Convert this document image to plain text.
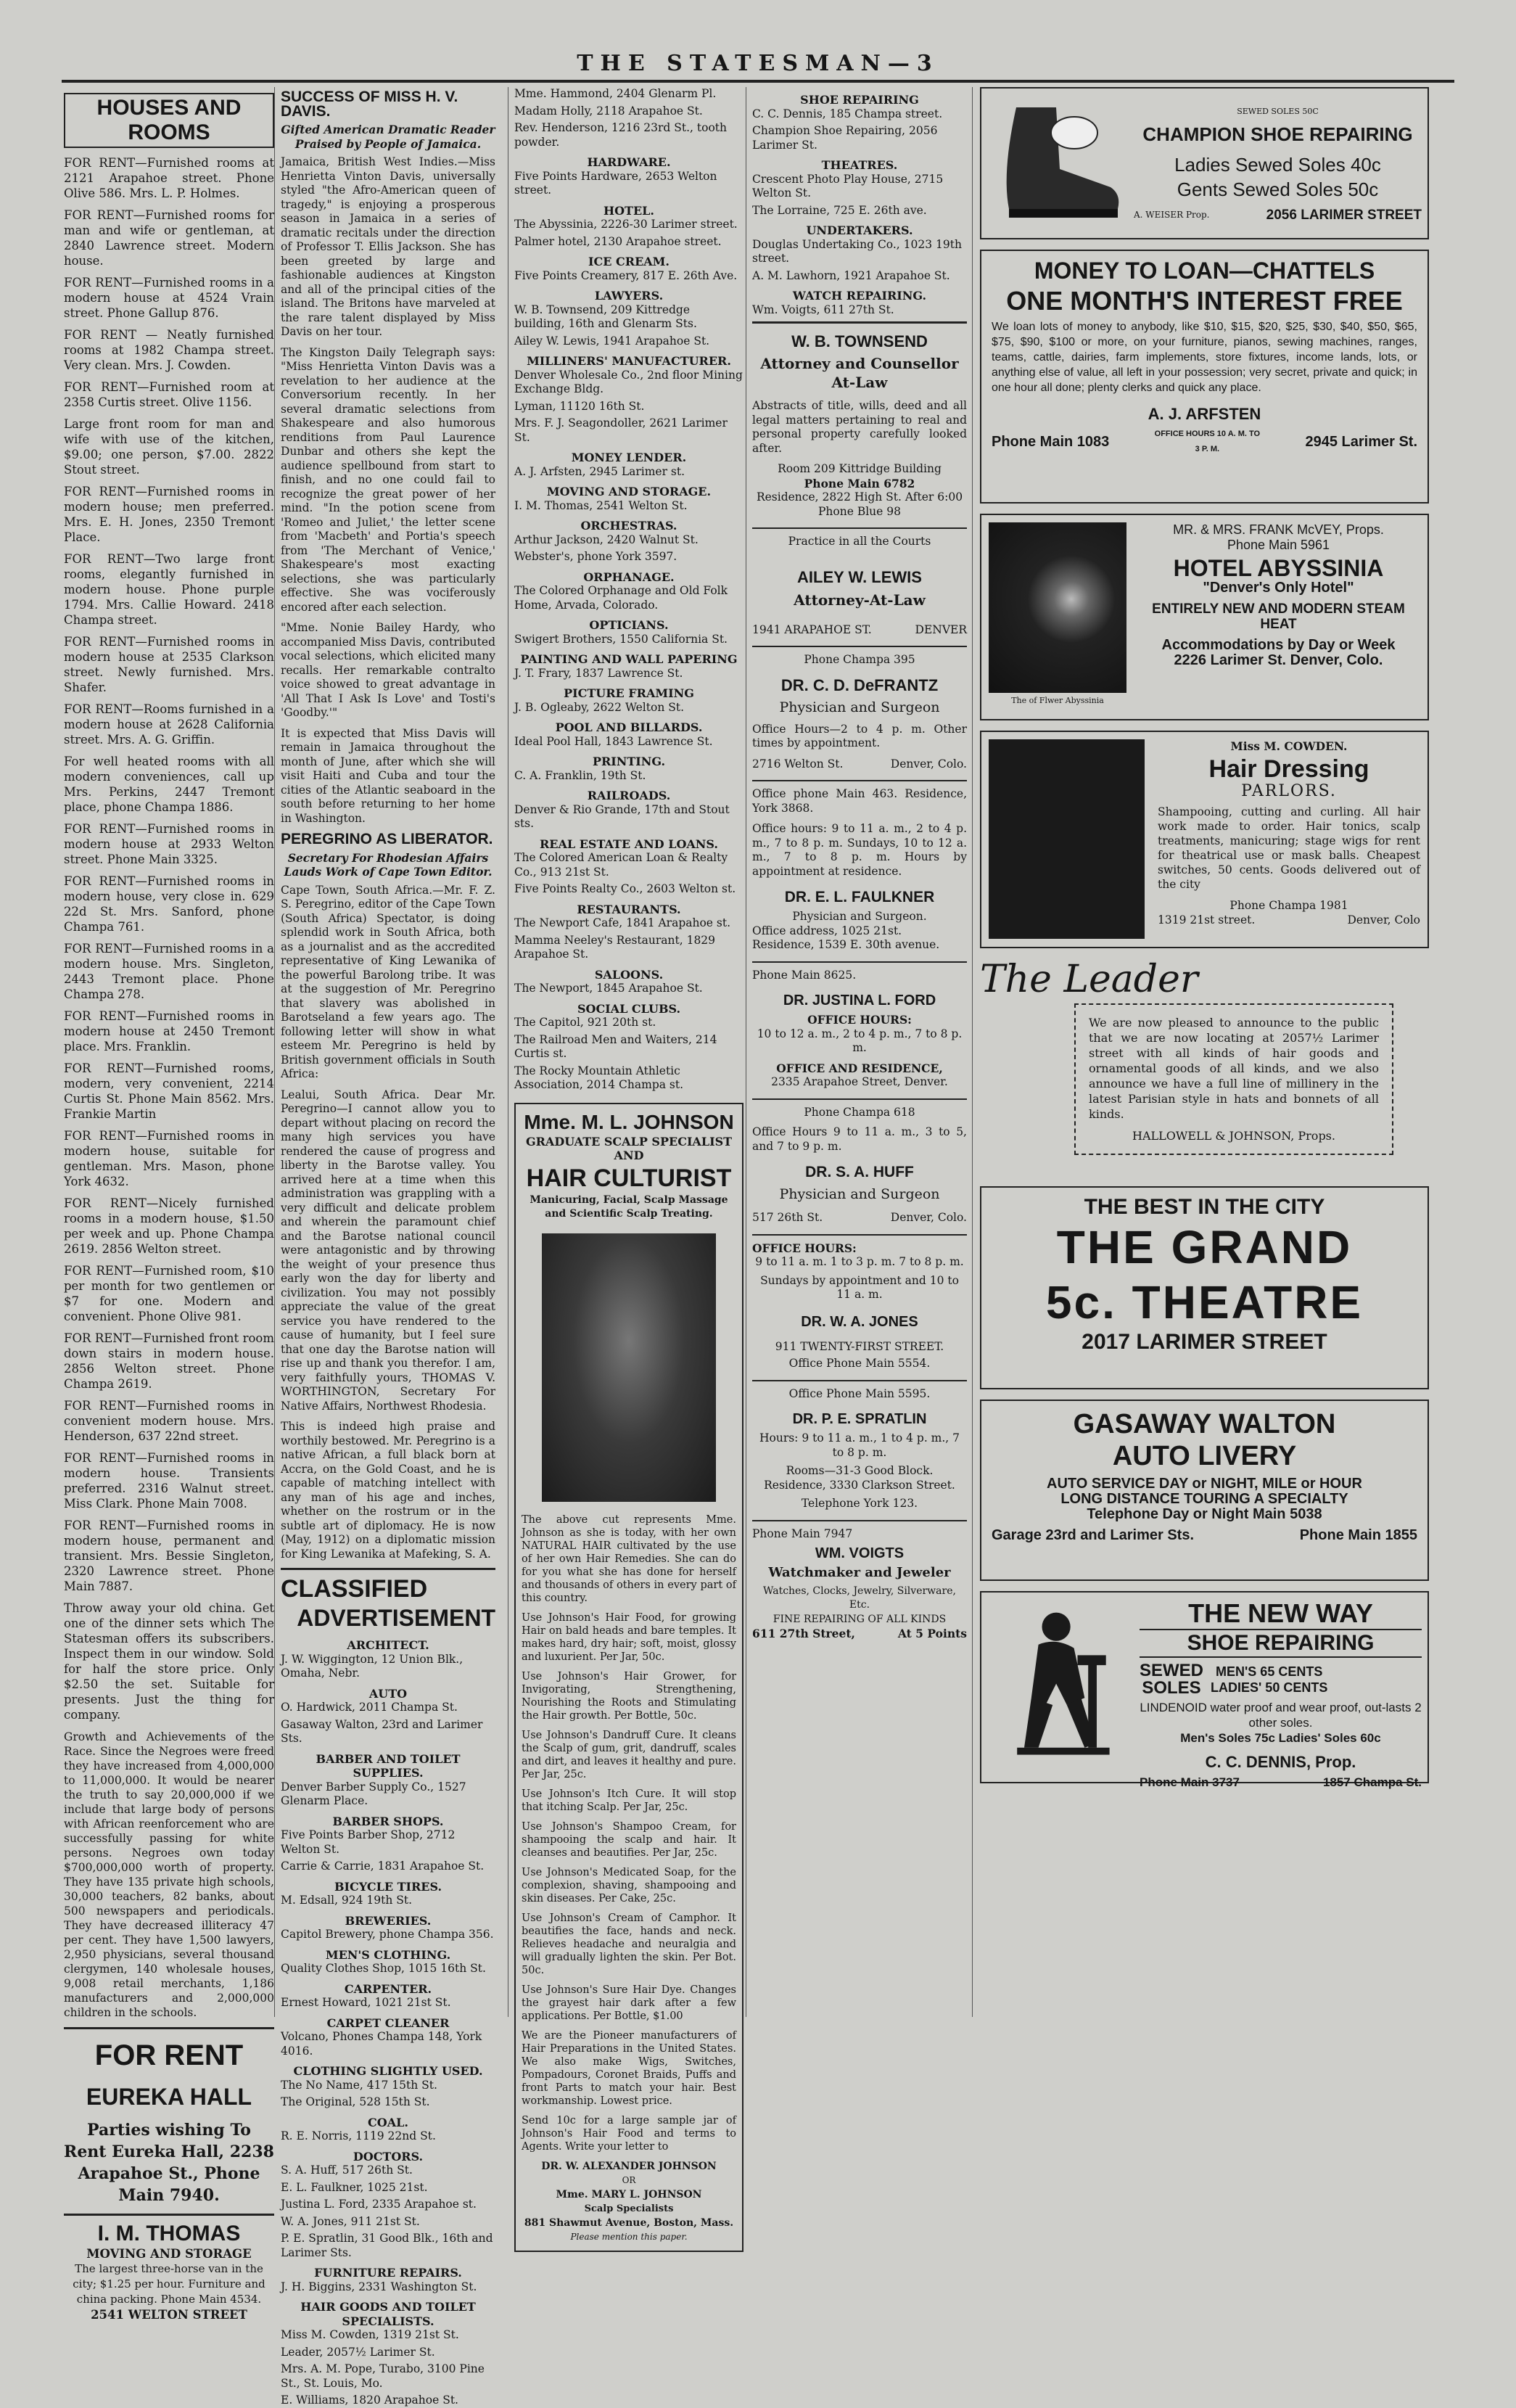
THE STATESMAN—3
HOUSES AND ROOMS

FOR RENT—Furnished rooms at 2121 Arapahoe street. Phone Olive 586. Mrs. L. P. Holmes.

FOR RENT—Furnished rooms for man and wife or gentleman, at 2840 Lawrence street. Modern house.

FOR RENT—Furnished rooms in a modern house at 4524 Vrain street. Phone Gallup 876.

FOR RENT — Neatly furnished rooms at 1982 Champa street. Very clean. Mrs. J. Cowden.

FOR RENT—Furnished room at 2358 Curtis street. Olive 1156.

Large front room for man and wife with use of the kitchen, $9.00; one person, $7.00. 2822 Stout street.

FOR RENT—Furnished rooms in modern house; men preferred. Mrs. E. H. Jones, 2350 Tremont Place.

FOR RENT—Two large front rooms, elegantly furnished in modern house. Phone purple 1794. Mrs. Callie Howard. 2418 Champa street.

FOR RENT—Furnished rooms in modern house at 2535 Clarkson street. Newly furnished. Mrs. Shafer.

FOR RENT—Rooms furnished in a modern house at 2628 California street. Mrs. A. G. Griffin.

For well heated rooms with all modern conveniences, call up Mrs. Perkins, 2447 Tremont place, phone Champa 1886.

FOR RENT—Furnished rooms in modern house at 2933 Welton street. Phone Main 3325.

FOR RENT—Furnished rooms in modern house, very close in. 629 22d St. Mrs. Sanford, phone Champa 761.

FOR RENT—Furnished rooms in a modern house. Mrs. Singleton, 2443 Tremont place. Phone Champa 278.

FOR RENT—Furnished rooms in modern house at 2450 Tremont place. Mrs. Franklin.

FOR RENT—Furnished rooms, modern, very convenient, 2214 Curtis St. Phone Main 8562. Mrs. Frankie Martin

FOR RENT—Furnished rooms in modern house, suitable for gentleman. Mrs. Mason, phone York 4632.

FOR RENT—Nicely furnished rooms in a modern house, $1.50 per week and up. Phone Champa 2619. 2856 Welton street.

FOR RENT—Furnished room, $10 per month for two gentlemen or $7 for one. Modern and convenient. Phone Olive 981.

FOR RENT—Furnished front room down stairs in modern house. 2856 Welton street. Phone Champa 2619.

FOR RENT—Furnished rooms in convenient modern house. Mrs. Henderson, 637 22nd street.

FOR RENT—Furnished rooms in modern house. Transients preferred. 2316 Walnut street. Miss Clark. Phone Main 7008.

FOR RENT—Furnished rooms in modern house, permanent and transient. Mrs. Bessie Singleton, 2320 Lawrence street. Phone Main 7887.

Throw away your old china. Get one of the dinner sets which The Statesman offers its subscribers. Inspect them in our window. Sold for half the store price. Only $2.50 the set. Suitable for presents. Just the thing for company.

Growth and Achievements of the Race. Since the Negroes were freed they have increased from 4,000,000 to 11,000,000. It would be nearer the truth to say 20,000,000 if we include that large body of persons with African reenforcement who are successfully passing for white persons. Negroes own today $700,000,000 worth of property. They have 135 private high schools, 30,000 teachers, 82 banks, about 500 newspapers and periodicals. They have decreased illiteracy 47 per cent. They have 1,500 lawyers, 2,950 physicians, several thousand clergymen, 140 wholesale houses, 9,008 retail merchants, 1,186 manufacturers and 2,000,000 children in the schools.

FOR RENT
EUREKA HALL
Parties wishing To Rent Eureka Hall, 2238 Arapahoe St., Phone Main 7940.
I. M. THOMAS
MOVING AND STORAGE
The largest three-horse van in the city; $1.25 per hour. Furniture and china packing. Phone Main 4534.
2541 WELTON STREET
SUCCESS OF MISS H. V. DAVIS.
Gifted American Dramatic Reader Praised by People of Jamaica.

Jamaica, British West Indies.—Miss Henrietta Vinton Davis, universally styled "the Afro-American queen of tragedy," is enjoying a prosperous season in Jamaica in a series of dramatic recitals under the direction of Professor T. Ellis Jackson. She has been greeted by large and fashionable audiences at Kingston and all of the principal cities of the island. The Britons have marveled at the rare talent displayed by Miss Davis on her tour.

The Kingston Daily Telegraph says: "Miss Henrietta Vinton Davis was a revelation to her audience at the Conversorium recently. In her several dramatic selections from Shakespeare and also humorous renditions from Paul Laurence Dunbar and others she kept the audience spellbound from start to finish, and no one could fail to recognize the great power of her mind. "In the potion scene from 'Romeo and Juliet,' the letter scene from 'Macbeth' and Portia's speech from 'The Merchant of Venice,' Shakespeare's most exacting selections, she was particularly effective. She was vociferously encored after each selection.

"Mme. Nonie Bailey Hardy, who accompanied Miss Davis, contributed vocal selections, which elicited many recalls. Her remarkable contralto voice showed to great advantage in 'All That I Ask Is Love' and Tosti's 'Goodby.'"

It is expected that Miss Davis will remain in Jamaica throughout the month of June, after which she will visit Haiti and Cuba and tour the cities of the Atlantic seaboard in the south before returning to her home in Washington.

PEREGRINO AS LIBERATOR.
Secretary For Rhodesian Affairs Lauds Work of Cape Town Editor.

Cape Town, South Africa.—Mr. F. Z. S. Peregrino, editor of the Cape Town (South Africa) Spectator, is doing splendid work in South Africa, both as a journalist and as the accredited representative of King Lewanika of the powerful Barolong tribe. It was at the suggestion of Mr. Peregrino that slavery was abolished in Barotseland a few years ago. The following letter will show in what esteem Mr. Peregrino is held by British government officials in South Africa:

Lealui, South Africa. Dear Mr. Peregrino—I cannot allow you to depart without placing on record the many high services you have rendered the cause of progress and liberty in the Barotse valley. You arrived here at a time when this administration was grappling with a very difficult and delicate problem and wherein the paramount chief and the Barotse national council were antagonistic and by throwing the weight of your presence thus early won the day for liberty and civilization. You may not possibly appreciate the value of the great service you have rendered to the cause of humanity, but I feel sure that one day the Barotse nation will rise up and thank you therefor. I am, very faithfully yours, THOMAS V. WORTHINGTON, Secretary For Native Affairs, Northwest Rhodesia.

This is indeed high praise and worthily bestowed. Mr. Peregrino is a native African, a full black born at Accra, on the Gold Coast, and he is capable of matching intellect with any man of his age and inches, whether on the rostrum or in the subtle art of diplomacy. He is now (May, 1912) on a diplomatic mission for King Lewanika at Mafeking, S. A.

CLASSIFIED
ADVERTISEMENT
ARCHITECT.
J. W. Wiggington, 12 Union Blk., Omaha, Nebr.
AUTO
O. Hardwick, 2011 Champa St.
Gasaway Walton, 23rd and Larimer Sts.
BARBER AND TOILET SUPPLIES.
Denver Barber Supply Co., 1527 Glenarm Place.
BARBER SHOPS.
Five Points Barber Shop, 2712 Welton St.
Carrie & Carrie, 1831 Arapahoe St.
BICYCLE TIRES.
M. Edsall, 924 19th St.
BREWERIES.
Capitol Brewery, phone Champa 356.
MEN'S CLOTHING.
Quality Clothes Shop, 1015 16th St.
CARPENTER.
Ernest Howard, 1021 21st St.
CARPET CLEANER
Volcano, Phones Champa 148, York 4016.
CLOTHING SLIGHTLY USED.
The No Name, 417 15th St.
The Original, 528 15th St.
COAL.
R. E. Norris, 1119 22nd St.
DOCTORS.
S. A. Huff, 517 26th St.
E. L. Faulkner, 1025 21st.
Justina L. Ford, 2335 Arapahoe st.
W. A. Jones, 911 21st St.
P. E. Spratlin, 31 Good Blk., 16th and Larimer Sts.
FURNITURE REPAIRS.
J. H. Biggins, 2331 Washington St.
HAIR GOODS AND TOILET SPECIALISTS.
Miss M. Cowden, 1319 21st St.
Leader, 2057½ Larimer St.
Mrs. A. M. Pope, Turabo, 3100 Pine St., St. Louis, Mo.
E. Williams, 1820 Arapahoe St.
Mme. Hammond, 2404 Glenarm Pl.
Madam Holly, 2118 Arapahoe St.
Rev. Henderson, 1216 23rd St., tooth powder.
HARDWARE.
Five Points Hardware, 2653 Welton street.
HOTEL.
The Abyssinia, 2226-30 Larimer street.
Palmer hotel, 2130 Arapahoe street.
ICE CREAM.
Five Points Creamery, 817 E. 26th Ave.
LAWYERS.
W. B. Townsend, 209 Kittredge building, 16th and Glenarm Sts.
Ailey W. Lewis, 1941 Arapahoe St.
MILLINERS' MANUFACTURER.
Denver Wholesale Co., 2nd floor Mining Exchange Bldg.
Lyman, 11120 16th St.
Mrs. F. J. Seagondoller, 2621 Larimer St.
MONEY LENDER.
A. J. Arfsten, 2945 Larimer st.
MOVING AND STORAGE.
I. M. Thomas, 2541 Welton St.
ORCHESTRAS.
Arthur Jackson, 2420 Walnut St.
Webster's, phone York 3597.
ORPHANAGE.
The Colored Orphanage and Old Folk Home, Arvada, Colorado.
OPTICIANS.
Swigert Brothers, 1550 California St.
PAINTING AND WALL PAPERING
J. T. Frary, 1837 Lawrence St.
PICTURE FRAMING
J. B. Ogleaby, 2622 Welton St.
POOL AND BILLARDS.
Ideal Pool Hall, 1843 Lawrence St.
PRINTING.
C. A. Franklin, 19th St.
RAILROADS.
Denver & Rio Grande, 17th and Stout sts.
REAL ESTATE AND LOANS.
The Colored American Loan & Realty Co., 913 21st St.
Five Points Realty Co., 2603 Welton st.
RESTAURANTS.
The Newport Cafe, 1841 Arapahoe st.
Mamma Neeley's Restaurant, 1829 Arapahoe St.
SALOONS.
The Newport, 1845 Arapahoe St.
SOCIAL CLUBS.
The Capitol, 921 20th st.
The Railroad Men and Waiters, 214 Curtis st.
The Rocky Mountain Athletic Association, 2014 Champa st.
Mme. M. L. JOHNSON
GRADUATE SCALP SPECIALIST AND
HAIR CULTURIST
Manicuring, Facial, Scalp Massage and Scientific Scalp Treating.

The above cut represents Mme. Johnson as she is today, with her own NATURAL HAIR cultivated by the use of her own Hair Remedies. She can do for you what she has done for herself and thousands of others in every part of this country.

Use Johnson's Hair Food, for growing Hair on bald heads and bare temples. It makes hard, dry hair; soft, moist, glossy and luxurient. Per Jar, 50c.

Use Johnson's Hair Grower, for Invigorating, Strengthening, Nourishing the Roots and Stimulating the Hair growth. Per Bottle, 50c.

Use Johnson's Dandruff Cure. It cleans the Scalp of gum, grit, dandruff, scales and dirt, and leaves it healthy and pure. Per Jar, 25c.

Use Johnson's Itch Cure. It will stop that itching Scalp. Per Jar, 25c.

Use Johnson's Shampoo Cream, for shampooing the scalp and hair. It cleanses and beautifies. Per Jar, 25c.

Use Johnson's Medicated Soap, for the complexion, shaving, shampooing and skin diseases. Per Cake, 25c.

Use Johnson's Cream of Camphor. It beautifies the face, hands and neck. Relieves headache and neuralgia and will gradually lighten the skin. Per Bot. 50c.

Use Johnson's Sure Hair Dye. Changes the grayest hair dark after a few applications. Per Bottle, $1.00

We are the Pioneer manufacturers of Hair Preparations in the United States. We also make Wigs, Switches, Pompadours, Coronet Braids, Puffs and front Parts to match your hair. Best workmanship. Lowest price.

Send 10c for a large sample jar of Johnson's Hair Food and terms to Agents. Write your letter to

DR. W. ALEXANDER JOHNSON
OR
Mme. MARY L. JOHNSON
Scalp Specialists
881 Shawmut Avenue, Boston, Mass.
Please mention this paper.
SHOE REPAIRING
C. C. Dennis, 185 Champa street.
Champion Shoe Repairing, 2056 Larimer St.
THEATRES.
Crescent Photo Play House, 2715 Welton St.
The Lorraine, 725 E. 26th ave.
UNDERTAKERS.
Douglas Undertaking Co., 1023 19th street.
A. M. Lawhorn, 1921 Arapahoe St.
WATCH REPAIRING.
Wm. Voigts, 611 27th St.
W. B. TOWNSEND
Attorney and Counsellor At-Law

Abstracts of title, wills, deed and all legal matters pertaining to real and personal property carefully looked after.

Room 209 Kittridge Building
Phone Main 6782
Residence, 2822 High St. After 6:00 Phone Blue 98
Practice in all the Courts
AILEY W. LEWIS
Attorney-At-Law
1941 ARAPAHOE ST.	DENVER
Phone Champa 395
DR. C. D. DeFRANTZ
Physician and Surgeon

Office Hours—2 to 4 p. m. Other times by appointment.

2716 Welton St.	Denver, Colo.

Office phone Main 463. Residence, York 3868.

Office hours: 9 to 11 a. m., 2 to 4 p. m., 7 to 8 p. m. Sundays, 10 to 12 a. m., 7 to 8 p. m. Hours by appointment at residence.

DR. E. L. FAULKNER
Physician and Surgeon.
Office address, 1025 21st.
Residence, 1539 E. 30th avenue.
Phone Main 8625.
DR. JUSTINA L. FORD
OFFICE HOURS:
10 to 12 a. m., 2 to 4 p. m., 7 to 8 p. m.
OFFICE AND RESIDENCE,
2335 Arapahoe Street, Denver.
Phone Champa 618

Office Hours 9 to 11 a. m., 3 to 5, and 7 to 9 p. m.

DR. S. A. HUFF
Physician and Surgeon
517 26th St.	Denver, Colo.
OFFICE HOURS:
9 to 11 a. m. 1 to 3 p. m. 7 to 8 p. m.
Sundays by appointment and 10 to 11 a. m.
DR. W. A. JONES
911 TWENTY-FIRST STREET.
Office Phone Main 5554.
Office Phone Main 5595.
DR. P. E. SPRATLIN
Hours: 9 to 11 a. m., 1 to 4 p. m., 7 to 8 p. m.
Rooms—31-3 Good Block.
Residence, 3330 Clarkson Street.
Telephone York 123.
Phone Main 7947
WM. VOIGTS
Watchmaker and Jeweler
Watches, Clocks, Jewelry, Silverware, Etc.
FINE REPAIRING OF ALL KINDS
611 27th Street,	At 5 Points
SEWED SOLES 50C
CHAMPION SHOE REPAIRING
Ladies Sewed Soles 40c
Gents Sewed Soles 50c
A. WEISER Prop.	2056 LARIMER STREET
MONEY TO LOAN—CHATTELS
ONE MONTH'S INTEREST FREE

We loan lots of money to anybody, like $10, $15, $20, $25, $30, $40, $50, $65, $75, $90, $100 or more, on your furniture, pianos, sewing machines, ranges, teams, cattle, dairies, farm implements, store fixtures, income lands, lots, or anything else of value, all left in your possession; very secret, private and quick; in one hour all done; plenty clerks and quick any place.

A. J. ARFSTEN
Phone Main 1083	OFFICE HOURS 10 A. M. TO 3 P. M.	2945 Larimer St.
The of Flwer Abyssinia
MR. & MRS. FRANK McVEY, Props.
Phone Main 5961
HOTEL ABYSSINIA
"Denver's Only Hotel"
ENTIRELY NEW AND MODERN STEAM HEAT
Accommodations by Day or Week
2226 Larimer St. Denver, Colo.
Miss M. COWDEN.
Hair Dressing
PARLORS.

Shampooing, cutting and curling. All hair work made to order. Hair tonics, scalp treatments, manicuring; stage wigs for rent for theatrical use or mask balls. Cheapest switches, 50 cents. Goods delivered out of the city

Phone Champa 1981
1319 21st street.	Denver, Colo
The Leader

We are now pleased to announce to the public that we are now locating at 2057½ Larimer street with all kinds of hair goods and ornamental goods of all kinds, and we also announce we have a full line of millinery in the latest Parisian style in hats and bonnets of all kinds.

HALLOWELL & JOHNSON, Props.
THE BEST IN THE CITY
THE GRAND
5c. THEATRE
2017 LARIMER STREET
GASAWAY WALTON
AUTO LIVERY
AUTO SERVICE DAY or NIGHT, MILE or HOUR
LONG DISTANCE TOURING A SPECIALTY
Telephone Day or Night Main 5038
Garage 23rd and Larimer Sts.	Phone Main 1855
THE NEW WAY
SHOE REPAIRING
SEWED
SOLES
MEN'S 65 CENTS
LADIES' 50 CENTS
LINDENOID water proof and wear proof, out-lasts 2 other soles.
Men's Soles 75c Ladies' Soles 60c
C. C. DENNIS, Prop.
Phone Main 3737	1857 Champa St.
